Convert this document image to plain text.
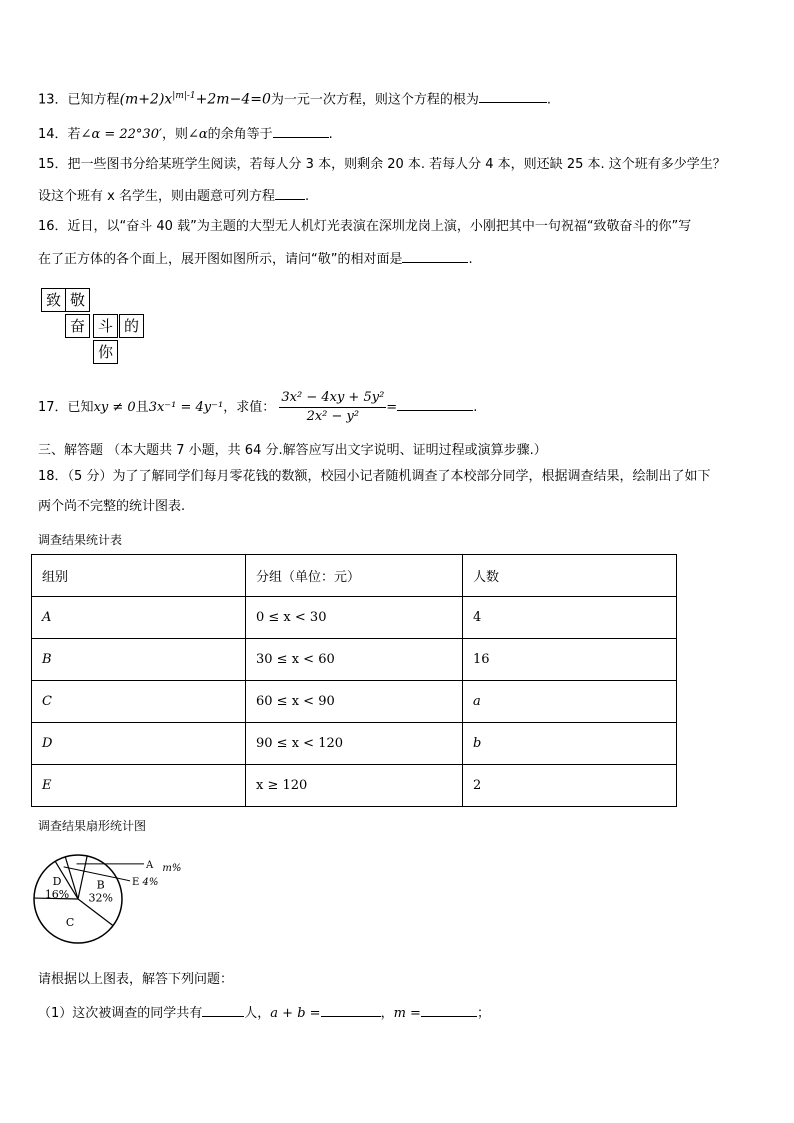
13．已知方程$(m+2)x^{|m|-1}+2m-4=0$为一元一次方程，则这个方程的根为	.
14．若∠α = 22°30′，则∠α的余角等于	.
15．把一些图书分给某班学生阅读，若每人分 3 本，则剩余 20 本. 若每人分 4 本，则还缺 25 本. 这个班有多少学生？
设这个班有 x 名学生，则由题意可列方程 .
16．近日，以“奋斗 40 载”为主题的大型无人机灯光表演在深圳龙岗上演，小刚把其中一句祝福“致敬奋斗的你”写
在了正方体的各个面上，展开图如图所示，请问“敬”的相对面是	.
致 敬
奋 斗 的
你
17．已知xy ≠ 0且3x⁻¹ = 4y⁻¹，求值： $\frac{\text{3x² − 4xy + 5y²}}{\text{2x² − y²}}$ =	.
三、解答题 （本大题共 7 小题，共 64 分.解答应写出文字说明、证明过程或演算步骤.）
18．（5 分）为了了解同学们每月零花钱的数额，校园小记者随机调查了本校部分同学，根据调查结果，绘制出了如下
两个尚不完整的统计图表.
调查结果统计表
组别	分组（单位：元）	人数
A	0 ≤ x < 30	4
B	30 ≤ x < 60	16
C	60 ≤ x < 90	a
D	90 ≤ x < 120	b
E	x ≥ 120	2
调查结果扇形统计图
B
32%
C
D
16%
E 4%
A m%
请根据以上图表，解答下列问题：
（1）这次被调查的同学共有	人，a + b =	，m =	；
